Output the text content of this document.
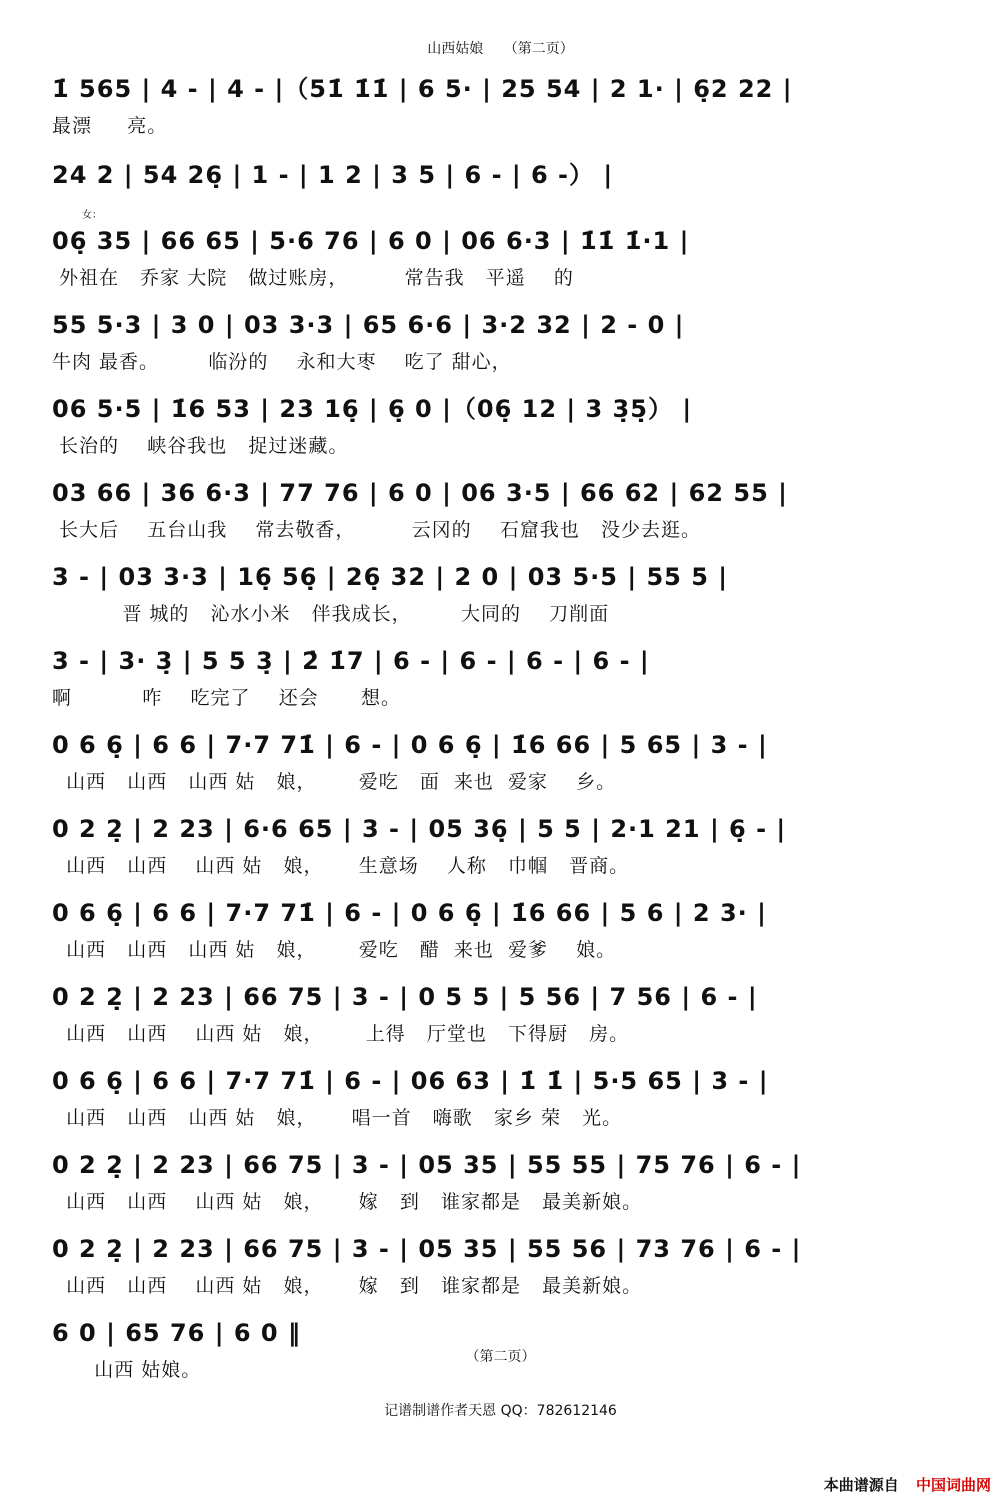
山西姑娘 （第二页）
1̇ 565 | 4 - | 4 - |（51̇ 1̇1̇ | 6 5· | 25 54 | 2 1· | 6̣2 22 |
最漂     亮。
24 2 | 54 26̣ | 1 - | 1 2 | 3 5 | 6 - | 6 -） |
06̣ 35 | 66 65 | 5·6 76 | 6 0 | 06 6·3 | 1̇1̇ 1̇·1 |
女：
外祖在   乔家 大院   做过账房，        常告我   平遥    的
55 5·3 | 3 0 | 03 3·3 | 65 6·6 | 3·2 32 | 2 - 0 |
牛肉 最香。       临汾的    永和大枣    吃了 甜心，
06 5·5 | 1̇6 53 | 23 16̣ | 6̣ 0 |（06̣ 12 | 3 3̣5̣） |
长治的    峡谷我也   捉过迷藏。
03 66 | 36 6·3 | 77 76 | 6 0 | 06 3·5 | 66 62 | 62 55 |
长大后    五台山我    常去敬香，        云冈的    石窟我也   没少去逛。
3 - | 03 3·3 | 16̣ 56̣ | 26̣ 32 | 2 0 | 03 5·5 | 55 5 |
晋 城的   沁水小米   伴我成长，       大同的    刀削面
3 - | 3· 3̣ | 5 5 3̣ | 2̇ 1̇7 | 6 - | 6 - | 6 - | 6 - |
啊          咋    吃完了    还会      想。
0 6 6̣ | 6 6 | 7·7 71̇ | 6 - | 0 6 6̣ | 1̇6 66 | 5 65 | 3 - |
山西   山西   山西 姑   娘，      爱吃   面  来也  爱家    乡。
0 2 2̣ | 2 23 | 6·6 65 | 3 - | 05 36̣ | 5 5 | 2·1 21 | 6̣ - |
山西   山西    山西 姑   娘，     生意场    人称   巾帼   晋商。
0 6 6̣ | 6 6 | 7·7 71̇ | 6 - | 0 6 6̣ | 1̇6 66 | 5 6 | 2 3· |
山西   山西   山西 姑   娘，      爱吃   醋  来也  爱爹    娘。
0 2 2̣ | 2 23 | 66 75 | 3 - | 0 5 5 | 5 56 | 7 56 | 6 - |
山西   山西    山西 姑   娘，      上得   厅堂也   下得厨   房。
0 6 6̣ | 6 6 | 7·7 71̇ | 6 - | 06 63 | 1̇ 1̇ | 5·5 65 | 3 - |
山西   山西   山西 姑   娘，     唱一首   嗨歌   家乡 荣   光。
0 2 2̣ | 2 23 | 66 75 | 3 - | 05 35 | 55 55 | 75 76 | 6 - |
山西   山西    山西 姑   娘，     嫁   到   谁家都是   最美新娘。
0 2 2̣ | 2 23 | 66 75 | 3 - | 05 35 | 55 56 | 73 76 | 6 - |
山西   山西    山西 姑   娘，     嫁   到   谁家都是   最美新娘。
6 0 | 65 76 | 6 0 ‖
山西 姑娘。
（第二页）
记谱制谱作者天恩 QQ：782612146
本曲谱源自 中国词曲网
